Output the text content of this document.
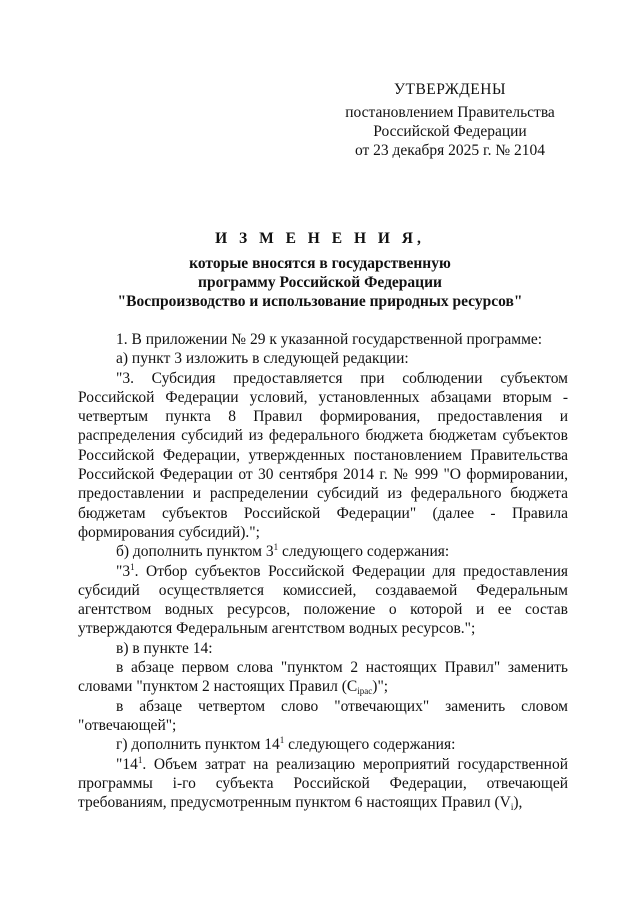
УТВЕРЖДЕНЫ
постановлением Правительства
Российской Федерации
от 23 декабря 2025 г. № 2104
И З М Е Н Е Н И Я,
которые вносятся в государственную
программу Российской Федерации
"Воспроизводство и использование природных ресурсов"

1. В приложении № 29 к указанной государственной программе:

а) пункт 3 изложить в следующей редакции:

"3. Субсидия предоставляется при соблюдении субъектом Российской Федерации условий, установленных абзацами вторым - четвертым пункта 8 Правил формирования, предоставления и распределения субсидий из федерального бюджета бюджетам субъектов Российской Федерации, утвержденных постановлением Правительства Российской Федерации от 30 сентября 2014 г. № 999 "О формировании, предоставлении и распределении субсидий из федерального бюджета бюджетам субъектов Российской Федерации" (далее - Правила формирования субсидий).";

б) дополнить пунктом $3^1$ следующего содержания:

"$3^1$. Отбор субъектов Российской Федерации для предоставления субсидий осуществляется комиссией, создаваемой Федеральным агентством водных ресурсов, положение о которой и ее состав утверждаются Федеральным агентством водных ресурсов.";

в) в пункте 14:

в абзаце первом слова "пунктом 2 настоящих Правил" заменить словами "пунктом 2 настоящих Правил $(С_{ipac})$";

в абзаце четвертом слово "отвечающих" заменить словом "отвечающей";

г) дополнить пунктом $14^1$ следующего содержания:

"$14^1$. Объем затрат на реализацию мероприятий государственной программы i-го субъекта Российской Федерации, отвечающей требованиям, предусмотренным пунктом 6 настоящих Правил $(V_i)$,
